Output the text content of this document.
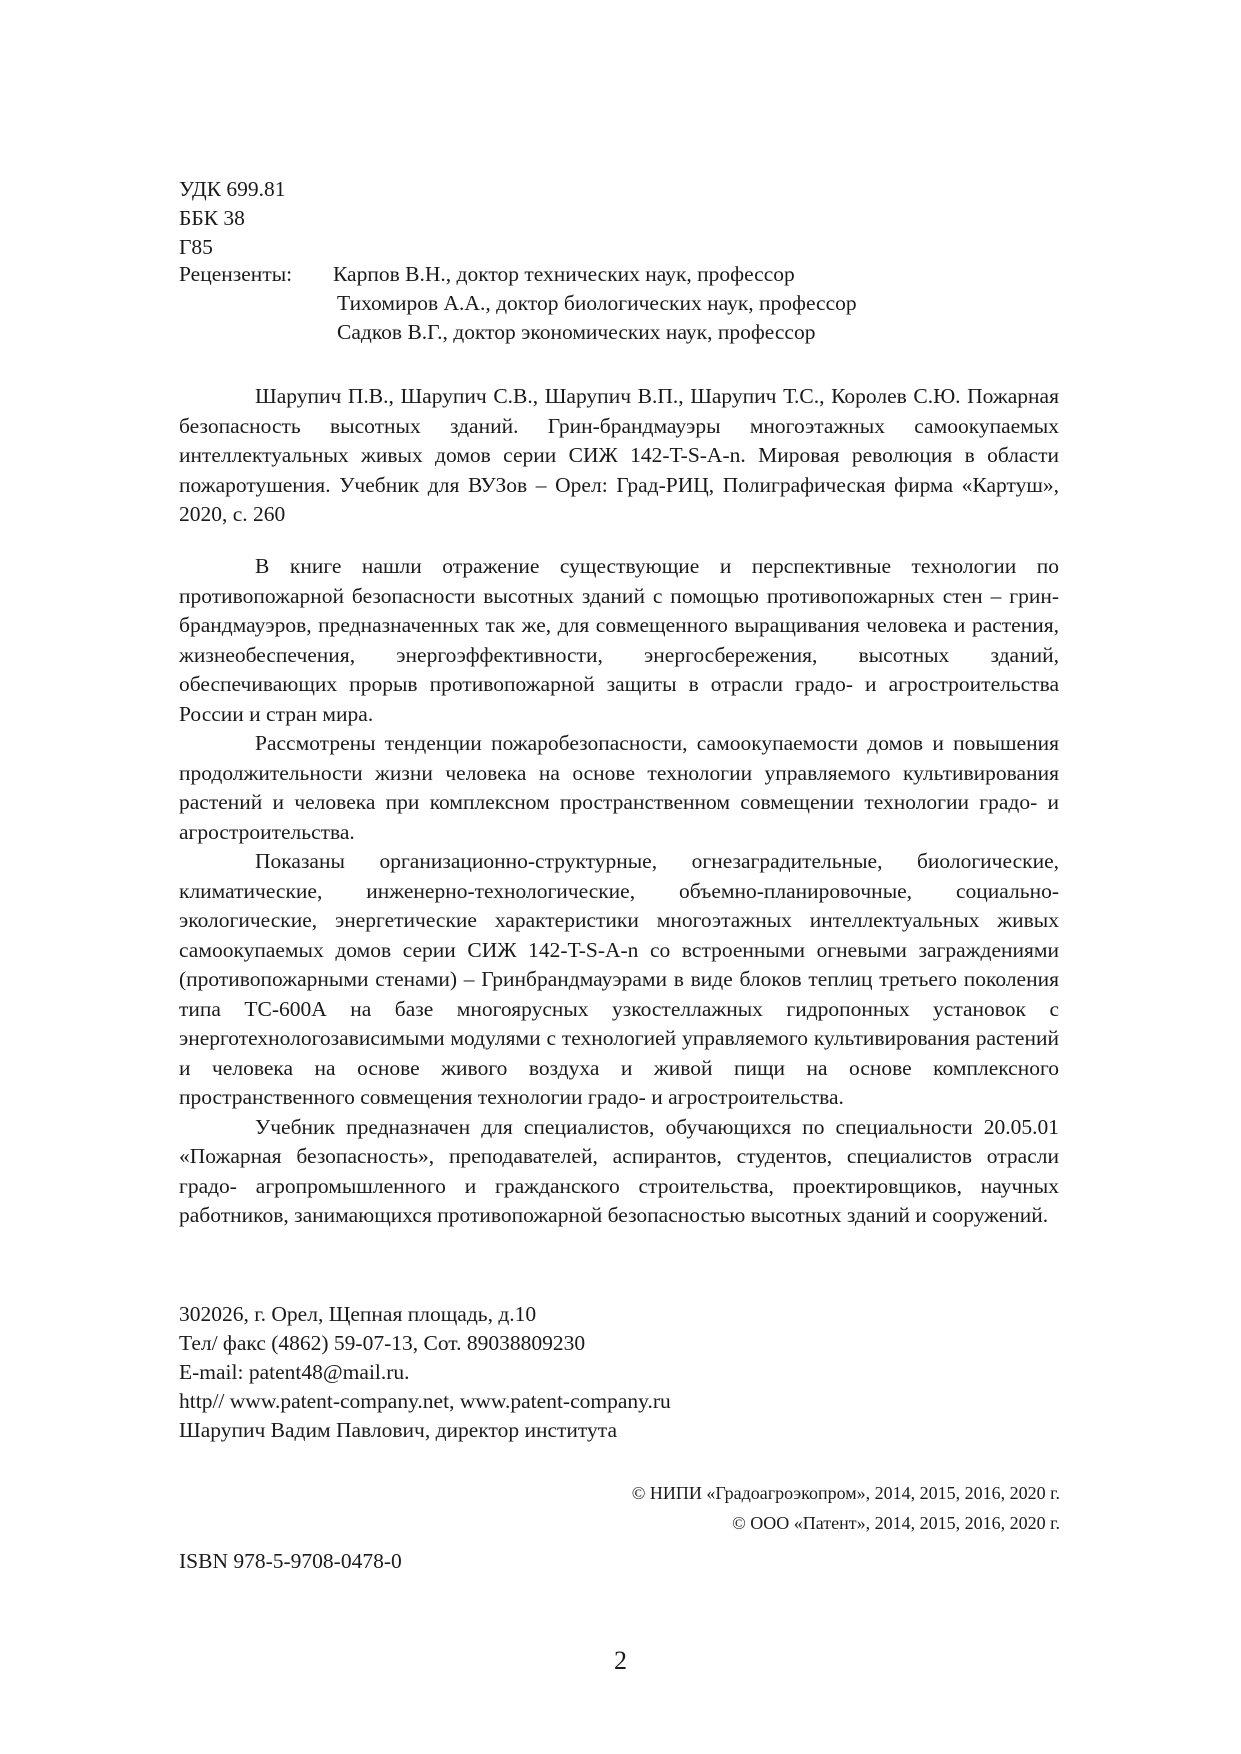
УДК 699.81

ББК 38

Г85

Рецензенты: Карпов В.Н., доктор технических наук, профессор
Тихомиров А.А., доктор биологических наук, профессор
Садков В.Г., доктор экономических наук, профессор

Шарупич П.В., Шарупич С.В., Шарупич В.П., Шарупич Т.С., Королев С.Ю. Пожарная безопасность высотных зданий. Грин-брандмауэры многоэтажных самоокупаемых интеллектуальных живых домов серии СИЖ 142-T-S-A-n. Мировая революция в области пожаротушения. Учебник для ВУЗов – Орел: Град-РИЦ, Полиграфическая фирма «Картуш», 2020, с. 260

В книге нашли отражение существующие и перспективные технологии по противопожарной безопасности высотных зданий с помощью противопожарных стен – грин-брандмауэров, предназначенных так же, для совмещенного выращивания человека и растения, жизнеобеспечения, энергоэффективности, энергосбережения, высотных зданий, обеспечивающих прорыв противопожарной защиты в отрасли градо- и агростроительства России и стран мира.

Рассмотрены тенденции пожаробезопасности, самоокупаемости домов и повышения продолжительности жизни человека на основе технологии управляемого культивирования растений и человека при комплексном пространственном совмещении технологии градо- и агростроительства.

Показаны организационно-структурные, огнезаградительные, биологические, климатические, инженерно-технологические, объемно-планировочные, социально-экологические, энергетические характеристики многоэтажных интеллектуальных живых самоокупаемых домов серии СИЖ 142-T-S-A-n со встроенными огневыми заграждениями (противопожарными стенами) – Гринбрандмауэрами в виде блоков теплиц третьего поколения типа ТС-600А на базе многоярусных узкостеллажных гидропонных установок с энерготехнологозависимыми модулями с технологией управляемого культивирования растений и человека на основе живого воздуха и живой пищи на основе комплексного пространственного совмещения технологии градо- и агростроительства.

Учебник предназначен для специалистов, обучающихся по специальности 20.05.01 «Пожарная безопасность», преподавателей, аспирантов, студентов, специалистов отрасли градо- агропромышленного и гражданского строительства, проектировщиков, научных работников, занимающихся противопожарной безопасностью высотных зданий и сооружений.

302026, г. Орел, Щепная площадь, д.10

Тел/ факс (4862) 59-07-13, Сот. 89038809230

E-mail: patent48@mail.ru.

http// www.patent-company.net, www.patent-company.ru

Шарупич Вадим Павлович, директор института

© НИПИ «Градоагроэкопром», 2014, 2015, 2016, 2020 г.

© ООО «Патент», 2014, 2015, 2016, 2020 г.

ISBN 978-5-9708-0478-0

2
